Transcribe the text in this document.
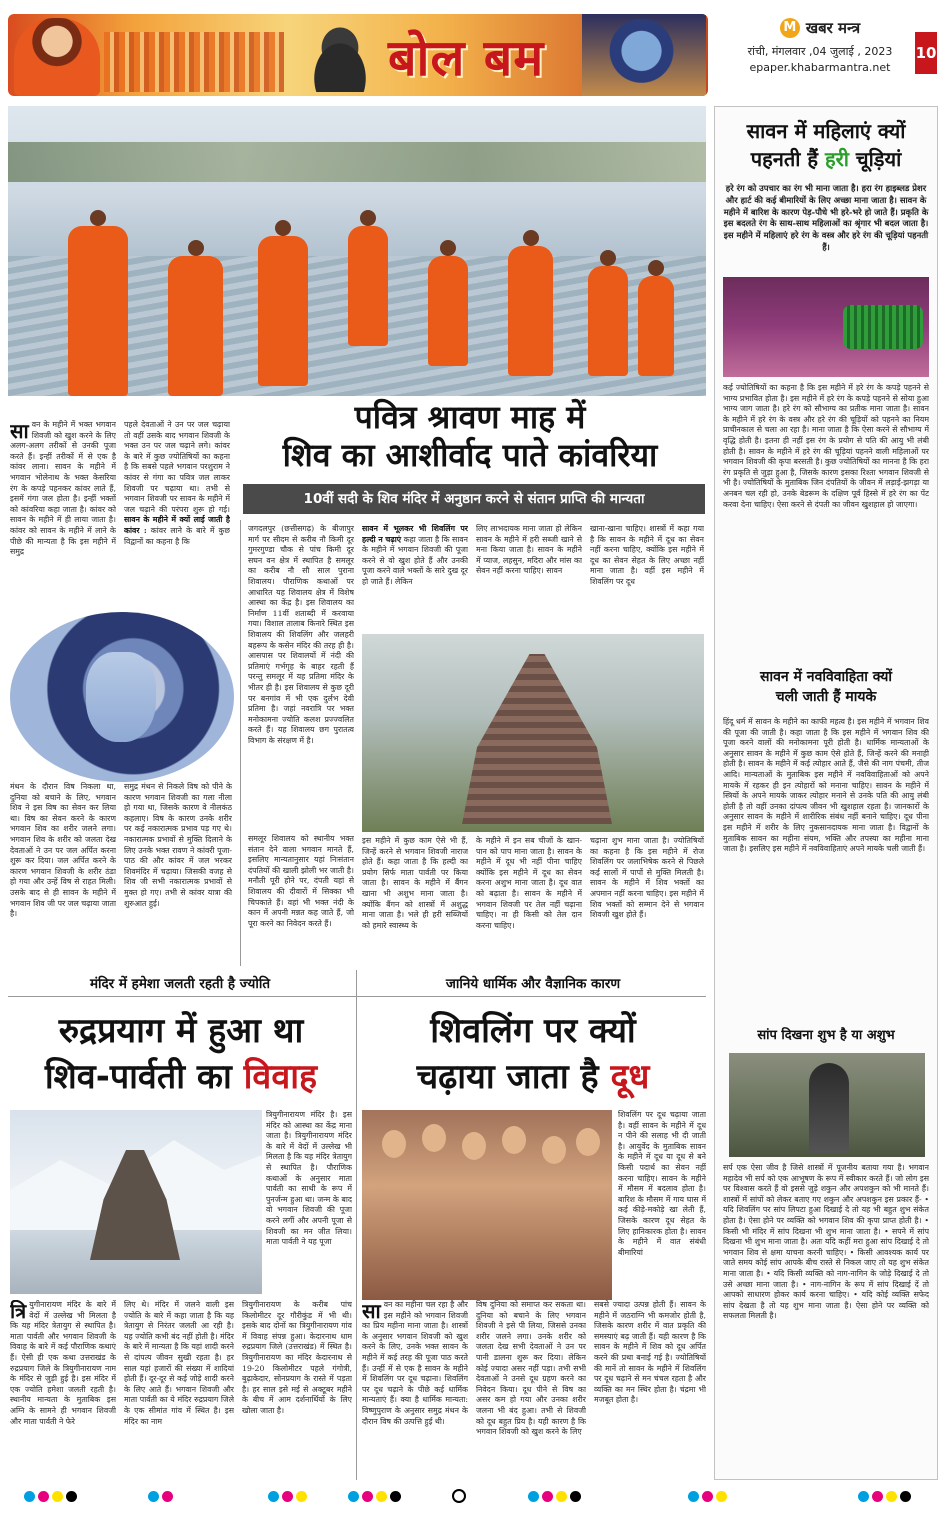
बोल बम
M खबर मन्त्र
रांची, मंगलवार ,04 जुलाई , 2023
epaper.khabarmantra.net
10
पवित्र श्रावण माह में
शिव का आशीर्वाद पाते कांवरिया
10वीं सदी के शिव मंदिर में अनुष्ठान करने से संतान प्राप्ति की मान्यता
सावन के महीने में भक्त भगवान शिवजी को खुश करने के लिए अलग-अलग तरीकों से उनकी पूजा करते हैं। इन्हीं तरीकों में से एक है कांवर लाना। सावन के महीने में भगवान भोलेनाथ के भक्त केसरिया रंग के कपड़े पहनकर कांवर लाते हैं, इसमें गंगा जल होता है। इन्हीं भक्तों को कांवरिया कहा जाता है। कांवर को सावन के महीने में ही लाया जाता है। कांवर को सावन के महीने में लाने के पीछे की मान्यता है कि इस महीने में समुद्र
पहले देवताओं ने उन पर जल चढ़ाया तो वहीं उसके बाद भगवान शिवजी के भक्त उन पर जल चढ़ाने लगे। कांवर के बारे में कुछ ज्योतिषियों का कहना है कि सबसे पहले भगवान परशुराम ने कांवर से गंगा का पवित्र जल लाकर शिवजी पर चढ़ाया था। तभी से भगवान शिवजी पर सावन के महीने में जल चढ़ाने की परंपरा शुरू हो गई। सावन के महीने में क्यों लाई जाती है कांवर : कांवर लाने के बारे में कुछ विद्वानों का कहना है कि
मंथन के दौरान विष निकला था, दुनिया को बचाने के लिए, भगवान शिव ने इस विष का सेवन कर लिया था। विष का सेवन करने के कारण भगवान शिव का शरीर जलने लगा। भगवान शिव के शरीर को जलता देख देवताओं ने उन पर जल अर्पित करना शुरू कर दिया। जल अर्पित करने के कारण भगवान शिवजी के शरीर ठंडा हो गया और उन्हें विष से राहत मिली। उसके बाद से ही सावन के महीने में भगवान शिव जी पर जल चढ़ाया जाता है।
समुद्र मंथन से निकले विष को पीने के कारण भगवान शिवजी का गला नीला हो गया था, जिसके कारण वे नीलकंठ कहलाए। विष के कारण उनके शरीर पर कई नकारात्मक प्रभाव पड़ गए थे। नकारात्मक प्रभावों से मुक्ति दिलाने के लिए उनके भक्त रावण ने कांवरी पूजा-पाठ की और कांवर में जल भरकर शिवमंदिर में चढ़ाया। जिसकी वजह से शिव जी सभी नकारात्मक प्रभावों से मुक्त हो गए। तभी से कांवर यात्रा की शुरुआत हुई।
जगदलपुर (छत्तीसगढ़) के बीजापुर मार्ग पर सीदम से करीब नौ किमी दूर गुमरगुण्डा चौक से पांच किमी दूर सघन वन क्षेत्र में स्थापित है समलूर का करीब नौ सौ साल पुराना शिवालय। पौराणिक कथाओं पर आधारित यह शिवालय क्षेत्र में विशेष आस्था का केंद्र है। इस शिवालय का निर्माण 11वीं शताब्दी में करवाया गया। विशाल तालाब किनारे स्थित इस शिवालय की शिवलिंग और जलहरी बहरूप के कसेन मंदिर की तरह ही है। आसपास पर शिवालयों में नंदी की प्रतिमाएं गर्भगृह के बाहर रहती हैं परन्तु समलूर में यह प्रतिमा मंदिर के भीतर ही है। इस शिवालय से कुछ दूरी पर बनगांव में भी एक दुर्लभ देवी प्रतिमा है। जहां नवरात्रि पर भक्त मनोकामना ज्योति कलश प्रज्ज्वलित करते हैं। यह शिवालय छग पुरातत्व विभाग के संरक्षण में है।
समलूर शिवालय को स्थानीय भक्त संतान देने वाला भगवान मानते हैं, इसलिए मान्यतानुसार यहां निःसंतान दंपतियों की खाली झोली भर जाती है। मनौती पूरी होने पर, दंपती यहां से शिवालय की दीवारों में सिक्का भी चिपकाते हैं। वहां भी भक्त नंदी के कान में अपनी मन्नत कह जाते हैं, जो पूरा करने का निवेदन करते हैं।
सावन में भूलकर भी शिवलिंग पर हल्दी न चढ़ाएं कहा जाता है कि सावन के महीने में भगवान शिवजी की पूजा करने से वो खुश होते हैं और उनकी पूजा करने वाले भक्तों के सारे दुख दूर हो जाते हैं। लेकिन
लिए लाभदायक माना जाता हो लेकिन सावन के महीने में हरी सब्जी खाने से मना किया जाता है। सावन के महीने में प्याज, लहसुन, मदिरा और मांस का सेवन नहीं करना चाहिए। सावन
खाना-खाना चाहिए। शास्त्रों में कहा गया है कि सावन के महीने में दूध का सेवन नहीं करना चाहिए, क्योंकि इस महीने में दूध का सेवन सेहत के लिए अच्छा नहीं माना जाता है। वहीं इस महीने में शिवलिंग पर दूध
इस महीने में कुछ काम ऐसे भी हैं, जिन्हें करने से भगवान शिवजी नाराज होते हैं। कहा जाता है कि हल्दी का प्रयोग सिर्फ माता पार्वती पर किया जाता है। सावन के महीने में बैंगन खाना भी अशुभ माना जाता है। क्योंकि बैंगन को शास्त्रों में अशुद्ध माना जाता है। भले ही हरी सब्जियों को हमारे स्वास्थ्य के
के महीने में इन सब चीजों के खान-पान को पाप माना जाता है। सावन के महीने में दूध भी नहीं पीना चाहिए क्योंकि इस महीने में दूध का सेवन करना अशुभ माना जाता है। दूध वात को बढ़ाता है। सावन के महीने में भगवान शिवजी पर तेल नहीं चढ़ाना चाहिए। ना ही किसी को तेल दान करना चाहिए।
चढ़ाना शुभ माना जाता है। ज्योतिषियों का कहना है कि इस महीने में रोज शिवलिंग पर जलाभिषेक करने से पिछले कई सालों में पापों से मुक्ति मिलती है। सावन के महीने में शिव भक्तों का अपमान नहीं करना चाहिए। इस महीने में शिव भक्तों को सम्मान देने से भगवान शिवजी खुश होते हैं।
मंदिर में हमेशा जलती रहती है ज्योति
रुद्रप्रयाग में हुआ था
शिव-पार्वती का विवाह
त्रियुगीनारायण मंदिर है। इस मंदिर को आस्था का केंद्र माना जाता है। त्रियुगीनारायण मंदिर के बारे में वेदों में उल्लेख भी मिलता है कि यह मंदिर त्रेतायुग से स्थापित है। पौराणिक कथाओं के अनुसार माता पार्वती का साथी के रूप में पुनर्जन्म हुआ था। जन्म के बाद वो भगवान शिवजी की पूजा करने लगीं और अपनी पूजा से शिवजी का मन जीत लिया। माता पार्वती ने यह पूजा
त्रि युगीनारायण मंदिर के बारे में वेदों में उल्लेख भी मिलता है कि यह मंदिर त्रेतायुग से स्थापित है। माता पार्वती और भगवान शिवजी के विवाह के बारे में कई पौराणिक कथाएं हैं। ऐसी ही एक कथा उत्तराखंड के रुद्रप्रयाग जिले के त्रियुगीनारायण नाम के मंदिर से जुड़ी हुई है। इस मंदिर में एक ज्योति हमेशा जलती रहती है। स्थानीय मान्यता के मुताबिक इस अग्नि के सामने ही भगवान शिवजी और माता पार्वती ने फेरे
लिए थे। मंदिर में जलने वाली इस ज्योति के बारे में कहा जाता है कि यह त्रेतायुग से निरंतर जलती आ रही है। यह ज्योति कभी बंद नहीं होती है। मंदिर के बारे में मान्यता है कि यहां शादी करने से दांपत्य जीवन सुखी रहता है। हर साल यहां हजारों की संख्या में शादियां होती हैं। दूर-दूर से कई जोड़े शादी करने के लिए आते हैं। भगवान शिवजी और माता पार्वती का ये मंदिर रुद्रप्रयाग जिले के एक सीमांत गांव में स्थित है। इस मंदिर का नाम
त्रियुगीनारायण के करीब पांच किलोमीटर दूर गौरीकुंड में भी थी। इसके बाद दोनों का त्रियुगीनारायण गांव में विवाह संपन्न हुआ। केदारनाथ धाम रुद्रप्रयाग जिले (उत्तराखंड) में स्थित है। त्रियुगीनारायण का मंदिर केदारनाथ से 19-20 किलोमीटर पहले गंगोत्री, बुढ़ाकेदार, सोनप्रयाग के रास्ते में पड़ता है। हर साल इसे मई से अक्टूबर महीने के बीच में आम दर्शनार्थियों के लिए खोला जाता है।
जानिये धार्मिक और वैज्ञानिक कारण
शिवलिंग पर क्यों
चढ़ाया जाता है दूध
शिवलिंग पर दूध चढ़ाया जाता है। वहीं सावन के महीने में दूध न पीने की सलाह भी दी जाती है। आयुर्वेद के मुताबिक सावन के महीने में दूध या दूध से बने किसी पदार्थ का सेवन नहीं करना चाहिए। सावन के महीने में मौसम में बदलाव होता है। बारिश के मौसम में गाय घास में कई कीड़े-मकोड़े खा लेती हैं, जिसके कारण दूध सेहत के लिए हानिकारक होता है। सावन के महीने में वात संबंधी बीमारियां
सावन का महीना चल रहा है और इस महीने को भगवान शिवजी का प्रिय महीना माना जाता है। शास्त्रों के अनुसार भगवान शिवजी को खुश करने के लिए, उनके भक्त सावन के महीने में कई तरह की पूजा पाठ करते हैं। उन्हीं में से एक है सावन के महीने में शिवलिंग पर दूध चढ़ाना। शिवलिंग पर दूध चढ़ाने के पीछे कई धार्मिक मान्यताएं हैं। क्या है धार्मिक मान्यता: विष्णुपुराण के अनुसार समुद्र मंथन के दौरान विष की उत्पत्ति हुई थी।
विष दुनिया को समाप्त कर सकता था। दुनिया को बचाने के लिए भगवान शिवजी ने इसे पी लिया, जिससे उनका शरीर जलने लगा। उनके शरीर को जलता देख सभी देवताओं ने उन पर पानी डालना शुरू कर दिया। लेकिन कोई ज्यादा असर नहीं पड़ा। तभी सभी देवताओं ने उनसे दूध ग्रहण करने का निवेदन किया। दूध पीने से विष का असर कम हो गया और उनका शरीर जलना भी बंद हुआ। तभी से शिवजी को दूध बहुत प्रिय है। यही कारण है कि भगवान शिवजी को खुश करने के लिए
सबसे ज्यादा उत्पन्न होती हैं। सावन के महीने में जठराग्नि भी कमजोर होती है, जिसके कारण शरीर में वात प्रकृति की समस्याएं बढ़ जाती हैं। यही कारण है कि सावन के महीने में शिव को दूध अर्पित करने की प्रथा बनाई गई है। ज्योतिषियों की मानें तो सावन के महीने में शिवलिंग पर दूध चढ़ाने से मन चंचल रहता है और व्यक्ति का मन स्थिर होता है। चंद्रमा भी मजबूत होता है।
सावन में महिलाएं क्यों
पहनती हैं हरी चूड़ियां
हरे रंग को उपचार का रंग भी माना जाता है। हरा रंग हाइब्लड प्रेशर और हार्ट की कई बीमारियों के लिए अच्छा माना जाता है। सावन के महीने में बारिश के कारण पेड़-पौधे भी हरे-भरे हो जाते हैं। प्रकृति के इस बदलते रंग के साथ-साथ महिलाओं का श्रृंगार भी बदल जाता है। इस महीने में महिलाएं हरे रंग के वस्त्र और हरे रंग की चूड़ियां पहनती हैं।
कई ज्योतिषियों का कहना है कि इस महीने में हरे रंग के कपड़े पहनने से भाग्य प्रभावित होता है। इस महीने में हरे रंग के कपड़े पहनने से सोया हुआ भाग्य जाग जाता है। हरे रंग को सौभाग्य का प्रतीक माना जाता है। सावन के महीने में हरे रंग के वस्त्र और हरे रंग की चूड़ियों को पहनने का नियम प्राचीनकाल से चला आ रहा है। माना जाता है कि ऐसा करने से सौभाग्य में वृद्धि होती है। इतना ही नहीं इस रंग के प्रयोग से पति की आयु भी लंबी होती है। सावन के महीने में हरे रंग की चूड़ियां पहनने वाली महिलाओं पर भगवान शिवजी की कृपा बरसती है। कुछ ज्योतिषियों का मानना है कि हरा रंग प्रकृति से जुड़ा हुआ है, जिसके कारण इसका रिश्ता भगवान शिवजी से भी है। ज्योतिषियों के मुताबिक जिन दंपतियों के जीवन में लड़ाई-झगड़ा या अनबन चल रही हो, उनके बेडरूम के दक्षिण पूर्व हिस्से में हरे रंग का पेंट करवा देना चाहिए। ऐसा करने से दंपती का जीवन खुशहाल हो जाएगा।
सावन में नवविवाहिता क्यों
चली जाती हैं मायके
हिंदू धर्म में सावन के महीने का काफी महत्व है। इस महीने में भगवान शिव की पूजा की जाती है। कहा जाता है कि इस महीने में भगवान शिव की पूजा करने वालों की मनोकामना पूरी होती है। धार्मिक मान्यताओं के अनुसार सावन के महीने में कुछ काम ऐसे होते हैं, जिन्हें करने की मनाही होती है। सावन के महीने में कई त्योहार आते हैं, जैसे की नाग पंचमी, तीज आदि। मान्यताओं के मुताबिक इस महीने में नवविवाहिताओं को अपने मायके में रहकर ही इन त्योहारों को मनाना चाहिए। सावन के महीने में स्त्रियों के अपने मायके जाकर त्योहार मनाने से उनके पति की आयु लंबी होती है तो वहीं उनका दांपत्य जीवन भी खुशहाल रहता है। जानकारों के अनुसार सावन के महीने में शारीरिक संबंध नहीं बनाने चाहिए। दूध पीना इस महीने में शरीर के लिए नुकसानदायक माना जाता है। विद्वानों के मुताबिक सावन का महीना संयम, भक्ति और तपस्या का महीना माना जाता है। इसलिए इस महीने में नवविवाहिताएं अपने मायके चली जाती हैं।
सांप दिखना शुभ है या अशुभ
सर्प एक ऐसा जीव है जिसे शास्त्रों में पूजनीय बताया गया है। भगवान महादेव भी सर्प को एक आभूषण के रूप में स्वीकार करते हैं। जो लोग इस पर विश्वास करते हैं वो इससे जुड़े शकुन और अपशकुन को भी मानते हैं। शास्त्रों में सांपों को लेकर बताए गए शकुन और अपशकुन इस प्रकार हैं- • यदि शिवलिंग पर सांप लिपटा हुआ दिखाई दे तो यह भी बहुत शुभ संकेत होता है। ऐसा होने पर व्यक्ति को भगवान शिव की कृपा प्राप्त होती है। • किसी भी मंदिर में सांप दिखना भी शुभ माना जाता है। • सपने में सांप दिखना भी शुभ माना जाता है। अतः यदि कहीं मरा हुआ सांप दिखाई दे तो भगवान शिव से क्षमा याचना करनी चाहिए। • किसी आवश्यक कार्य पर जाते समय कोई सांप आपके बीच रास्ते से निकल जाए तो यह शुभ संकेत माना जाता है। • यदि किसी व्यक्ति को नाग-नागिन के जोड़े दिखाई दे तो उसे अच्छा माना जाता है। • नाग-नागिन के रूप में सांप दिखाई दें तो आपको साधारण होकर कार्य करना चाहिए। • यदि कोई व्यक्ति सफेद सांप देखता है तो यह शुभ माना जाता है। ऐसा होने पर व्यक्ति को सफलता मिलती है।
